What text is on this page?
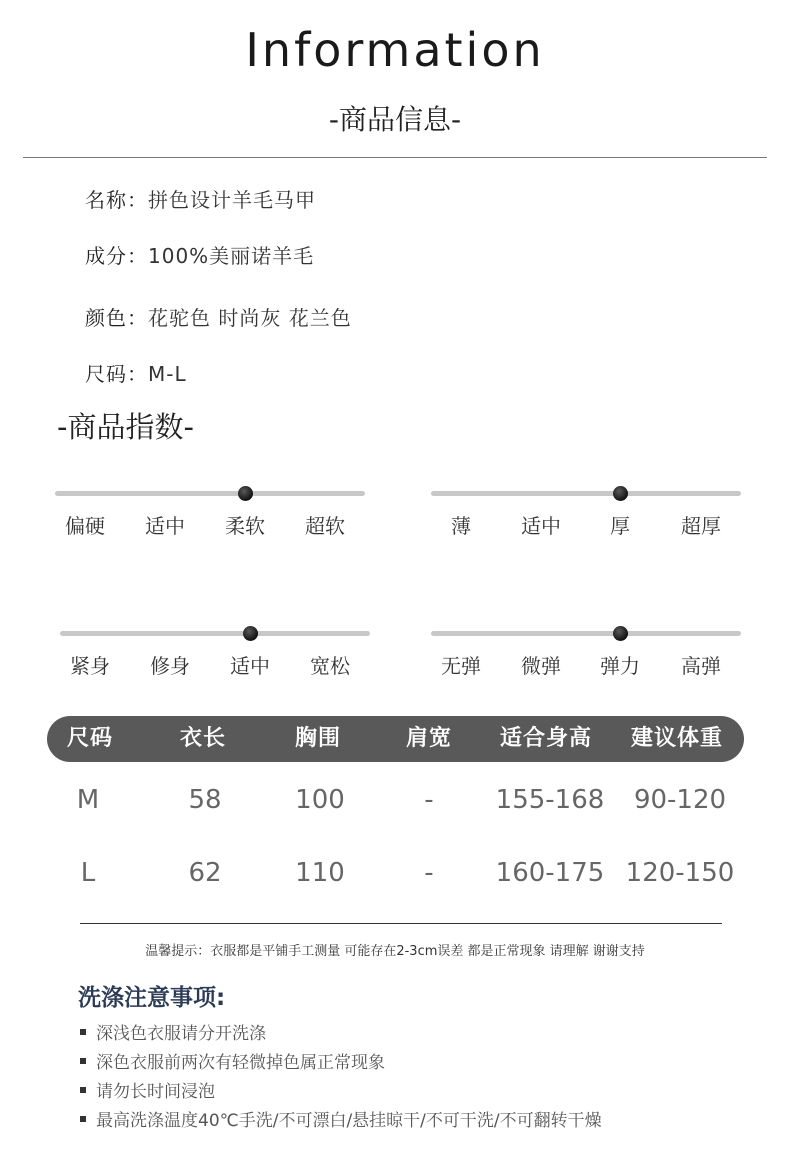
Information
-商品信息-
名称：拼色设计羊毛马甲
成分：100%美丽诺羊毛
颜色：花驼色 时尚灰 花兰色
尺码：M-L
-商品指数-
偏硬	适中	柔软	超软	薄	适中	厚	超厚
紧身	修身	适中	宽松	无弹	微弹	弹力	高弹
尺码	衣长	胸围	肩宽	适合身高	建议体重
M	58	100	-	155-168	90-120
L	62	110	-	160-175 120-150
温馨提示：衣服都是平铺手工测量 可能存在2-3cm误差 都是正常现象 请理解 谢谢支持
洗涤注意事项:
深浅色衣服请分开洗涤
深色衣服前两次有轻微掉色属正常现象
请勿长时间浸泡
最高洗涤温度40℃手洗/不可漂白/悬挂晾干/不可干洗/不可翻转干燥
